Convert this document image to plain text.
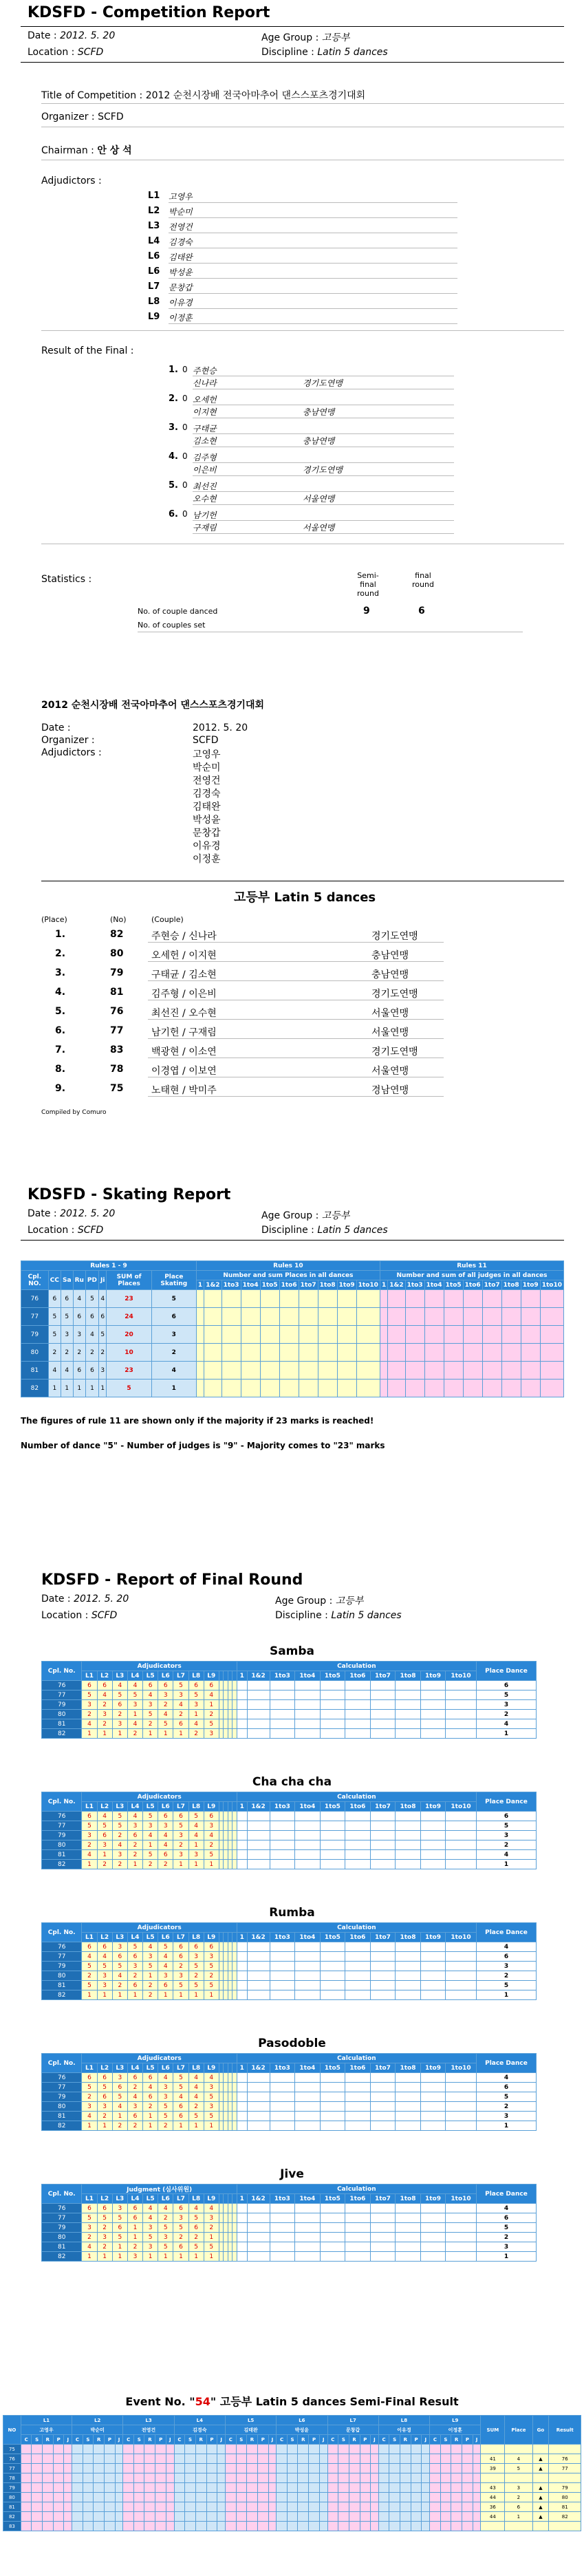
KDSFD - Competition Report
Date : 2012. 5. 20	Age Group : 고등부
Location : SCFD	Discipline : Latin 5 dances
Title of Competition : 2012 순천시장배 전국아마추어 댄스스포츠경기대회
Organizer : SCFD
Chairman : 안 상 석
Adjudictors :
L1 고영우
L2 박순미
L3 전영건
L4 김경숙
L6 김태완
L6 박성윤
L7 문창갑
L8 이유경
L9 이정훈
Result of the Final :
1. 0 주현승
신나라	경기도연맹
2. 0 오세헌
이지현	충남연맹
3. 0 구태균
김소현	충남연맹
4. 0 김주형
이은비	경기도연맹
5. 0 최선진
오수현	서울연맹
6. 0 남기헌
구재림	서울연맹
Statistics :	Semi-final round
final round
No. of couple danced	9	6
No. of couples set
2012 순천시장배 전국아마추어 댄스스포츠경기대회
Date :	2012. 5. 20
Organizer :	SCFD
Adjudictors :	고영우
박순미
전영건
김경숙
김태완
박성윤
문창갑
이유경
이정훈
고등부 Latin 5 dances
(Place)	(No)	(Couple)
1.	82	주현승 / 신나라	경기도연맹
2.	80	오세헌 / 이지현	충남연맹
3.	79	구태균 / 김소현	충남연맹
4.	81	김주형 / 이은비	경기도연맹
5.	76	최선진 / 오수현	서울연맹
6.	77	남기헌 / 구재림	서울연맹
7.	83	백광현 / 이소연	경기도연맹
8.	78	이경엽 / 이보연	서울연맹
9.	75	노태현 / 박미주	경남연맹
Compiled by Comuro
KDSFD - Skating Report
Date : 2012. 5. 20	Age Group : 고등부
Location : SCFD	Discipline : Latin 5 dances
Rules 1 - 9								Rules 10										Rules 11									
Cpl. NO.	CC	Sa	Ru	PD	Ji	SUM of Places	Place Skating	Number and sum Places in all dances										Number and sum of all judges in all dances									
								1	1&2	1to3	1to4	1to5	1to6	1to7	1to8	1to9	1to10	1	1&2	1to3	1to4	1to5	1to6	1to7	1to8	1to9	1to10
76	6	6	4	5	4	23	5																				
77	5	5	6	6	6	24	6																				
79	5	3	3	4	5	20	3																				
80	2	2	2	2	2	10	2																				
81	4	4	6	6	3	23	4																				
82	1	1	1	1	1	5	1																				
The figures of rule 11 are shown only if the majority if 23 marks is reached!
Number of dance "5" - Number of judges is "9" - Majority comes to "23" marks
KDSFD - Report of Final Round
Date : 2012. 5. 20	Age Group : 고등부
Location : SCFD	Discipline : Latin 5 dances
Samba
Cpl. No.	Adjudicators													Calculation										Place Dance
	L1	L2	L3	L4	L5	L6	L7	L8	L9					1	1&2	1to3	1to4	1to5	1to6	1to7	1to8	1to9	1to10	
76	6	6	4	4	6	6	5	6	6															6
77	5	4	5	5	4	3	3	5	4															5
79	3	2	6	3	3	2	4	3	1															3
80	2	3	2	1	5	4	2	1	2															2
81	4	2	3	4	2	5	6	4	5															4
82	1	1	1	2	1	1	1	2	3															1
Cha cha cha
Cpl. No.	Adjudicators													Calculation										Place Dance
	L1	L2	L3	L4	L5	L6	L7	L8	L9					1	1&2	1to3	1to4	1to5	1to6	1to7	1to8	1to9	1to10	
76	6	4	5	4	5	6	6	5	6															6
77	5	5	5	3	3	3	5	4	3															5
79	3	6	2	6	4	4	3	4	4															3
80	2	3	4	2	1	4	2	1	2															2
81	4	1	3	2	5	6	3	3	5															4
82	1	2	2	1	2	2	1	1	1															1
Rumba
Cpl. No.	Adjudicators													Calculation										Place Dance
	L1	L2	L3	L4	L5	L6	L7	L8	L9					1	1&2	1to3	1to4	1to5	1to6	1to7	1to8	1to9	1to10	
76	6	6	3	5	4	5	6	6	6															4
77	4	4	6	6	3	4	6	3	3															6
79	5	5	5	3	5	4	2	5	5															3
80	2	3	4	2	1	3	3	2	2															2
81	5	3	2	6	2	6	5	5	5															5
82	1	1	1	1	2	1	1	1	1															1
Pasodoble
Cpl. No.	Adjudicators													Calculation										Place Dance
	L1	L2	L3	L4	L5	L6	L7	L8	L9					1	1&2	1to3	1to4	1to5	1to6	1to7	1to8	1to9	1to10	
76	6	6	3	6	6	4	5	4	4															4
77	5	5	6	2	4	3	5	4	3															6
79	2	6	5	4	6	3	4	4	5															5
80	3	3	4	3	2	5	6	2	3															2
81	4	2	1	6	1	5	6	5	5															3
82	1	1	2	2	1	2	1	1	1															1
Jive
Cpl. No.	Judgment (심사위원)													Calculation										Place Dance
	L1	L2	L3	L4	L5	L6	L7	L8	L9					1	1&2	1to3	1to4	1to5	1to6	1to7	1to8	1to9	1to10	
76	6	6	3	6	4	4	6	4	4															4
77	5	5	5	6	4	2	3	5	3															6
79	3	2	6	1	3	5	5	6	2															5
80	2	3	5	1	5	3	2	2	1															2
81	4	2	1	2	3	5	6	5	5															3
82	1	1	1	3	1	1	1	1	1															1
Event No. "54" 고등부 Latin 5 dances Semi-Final Result
NO	L1					L2					L3					L4					L5					L6					L7					L8					L9					SUM	Place	Go	Result
	고영우					박순미					전영건					김경숙					김태완					박성윤					문창갑					이유경					이정훈								
	C	S	R	P	J	C	S	R	P	J	C	S	R	P	J	C	S	R	P	J	C	S	R	P	J	C	S	R	P	J	C	S	R	P	J	C	S	R	P	J	C	S	R	P	J				
75																																																	
76																																														41	4	▲	76
77																																														39	5	▲	77
78																																																	
79																																														43	3	▲	79
80																																														44	2	▲	80
81																																														36	6	▲	81
82																																														44	1	▲	82
83																																																	
